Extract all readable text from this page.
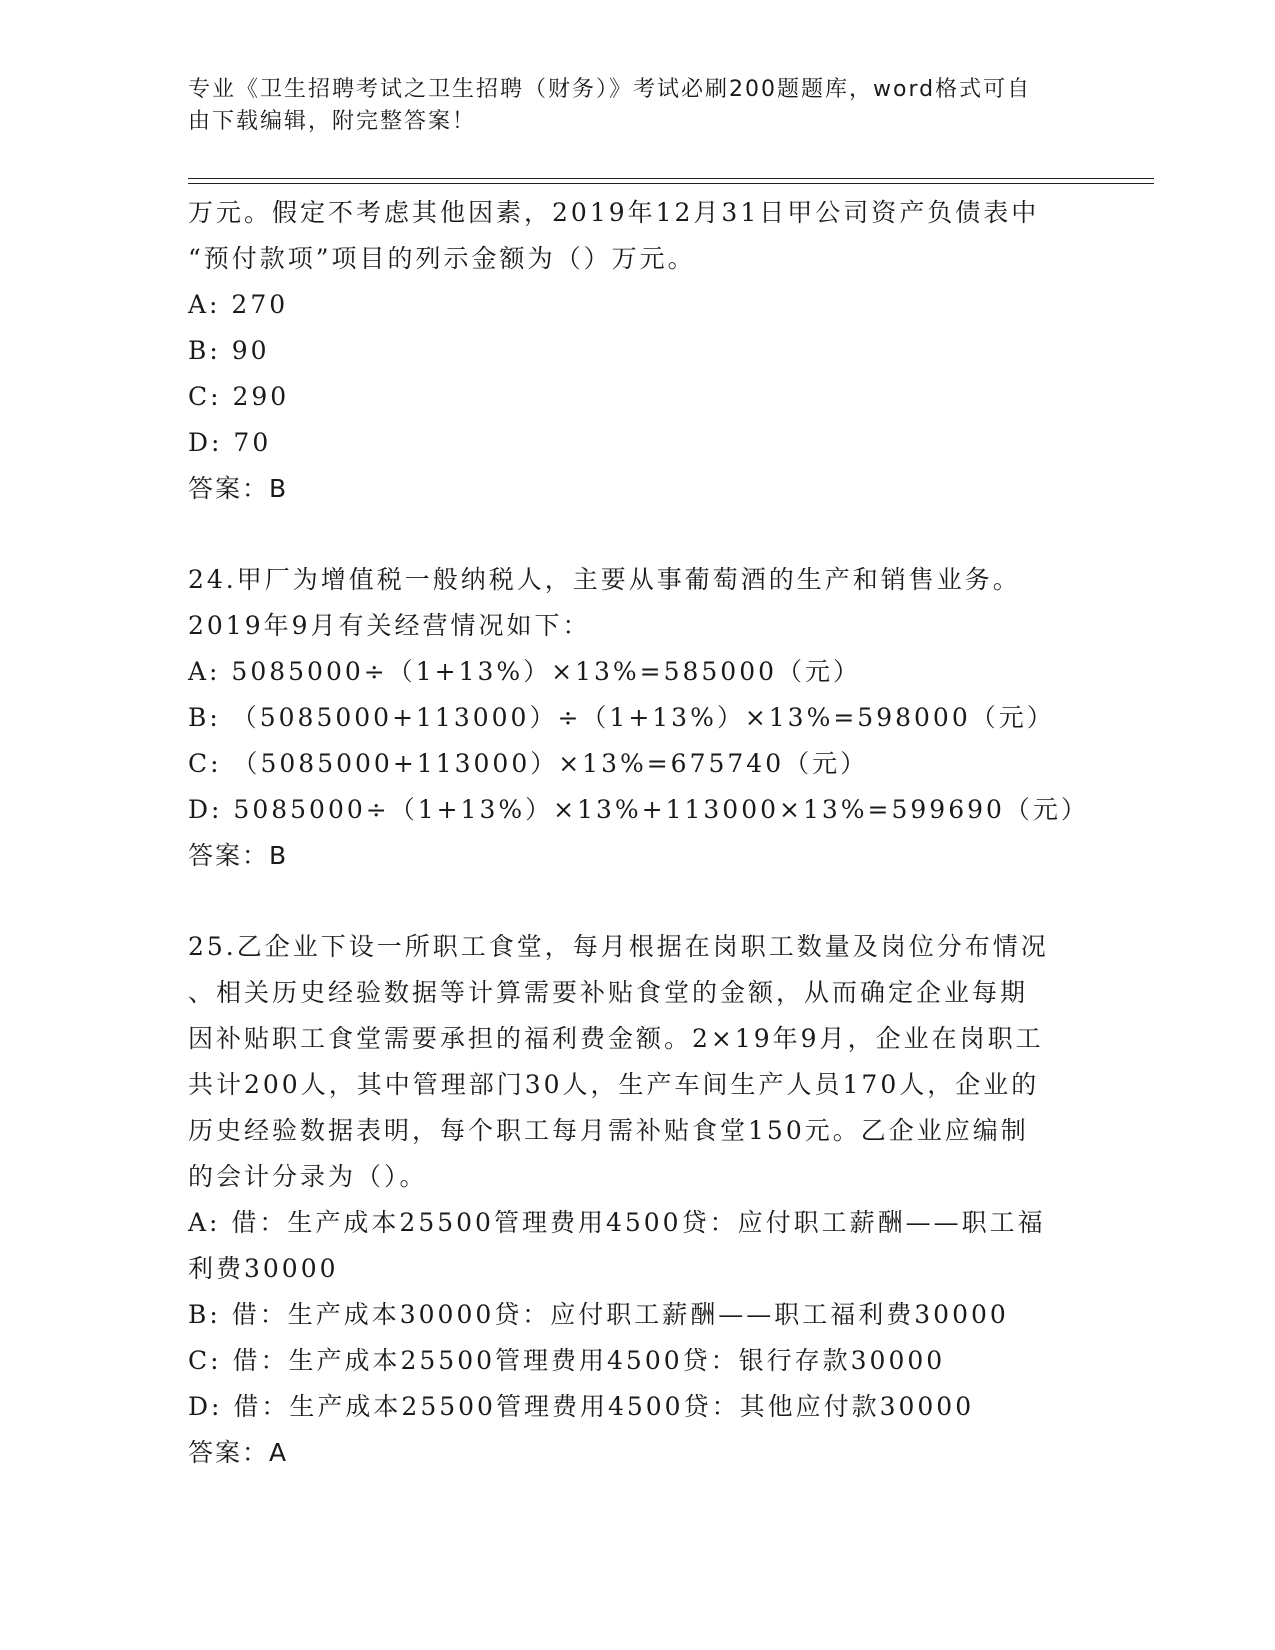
专业《卫生招聘考试之卫生招聘（财务）》考试必刷200题题库，word格式可自
由下载编辑，附完整答案！
万元。假定不考虑其他因素，2019年12月31日甲公司资产负债表中
“预付款项”项目的列示金额为（）万元。
A: 270
B: 90
C: 290
D: 70
答案：B
24.甲厂为增值税一般纳税人，主要从事葡萄酒的生产和销售业务。
2019年9月有关经营情况如下：
A: 5085000÷（1+13%）×13%=585000（元）
B: （5085000+113000）÷（1+13%）×13%=598000（元）
C: （5085000+113000）×13%=675740（元）
D: 5085000÷（1+13%）×13%+113000×13%=599690（元）
答案：B
25.乙企业下设一所职工食堂，每月根据在岗职工数量及岗位分布情况
、相关历史经验数据等计算需要补贴食堂的金额，从而确定企业每期
因补贴职工食堂需要承担的福利费金额。2×19年9月，企业在岗职工
共计200人，其中管理部门30人，生产车间生产人员170人，企业的
历史经验数据表明，每个职工每月需补贴食堂150元。乙企业应编制
的会计分录为（）。
A: 借：生产成本25500管理费用4500贷：应付职工薪酬——职工福
利费30000
B: 借：生产成本30000贷：应付职工薪酬——职工福利费30000
C: 借：生产成本25500管理费用4500贷：银行存款30000
D: 借：生产成本25500管理费用4500贷：其他应付款30000
答案：A
